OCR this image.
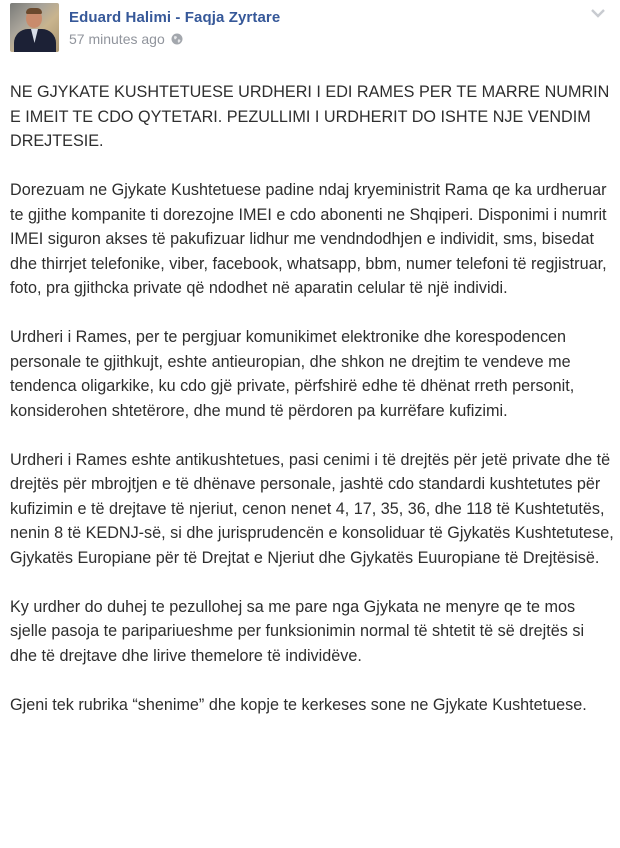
Eduard Halimi - Faqja Zyrtare
57 minutes ago

NE GJYKATE KUSHTETUESE URDHERI I EDI RAMES PER TE MARRE NUMRIN E IMEIT TE CDO QYTETARI. PEZULLIMI I URDHERIT DO ISHTE NJE VENDIM DREJTESIE.

Dorezuam ne Gjykate Kushtetuese padine ndaj kryeministrit Rama qe ka urdheruar te gjithe kompanite ti dorezojne IMEI e cdo abonenti ne Shqiperi. Disponimi i numrit IMEI siguron akses të pakufizuar lidhur me vendndodhjen e individit, sms, bisedat dhe thirrjet telefonike, viber, facebook, whatsapp, bbm, numer telefoni të regjistruar, foto, pra gjithcka private që ndodhet në aparatin celular të një individi.

Urdheri i Rames, per te pergjuar komunikimet elektronike dhe korespodencen personale te gjithkujt, eshte antieuropian, dhe shkon ne drejtim te vendeve me tendenca oligarkike, ku cdo gjë private, përfshirë edhe të dhënat rreth personit, konsiderohen shtetërore, dhe mund të përdoren pa kurrëfare kufizimi.

Urdheri i Rames eshte antikushtetues, pasi cenimi i të drejtës për jetë private dhe të drejtës për mbrojtjen e të dhënave personale, jashtë cdo standardi kushtetutes për kufizimin e të drejtave të njeriut, cenon nenet 4, 17, 35, 36, dhe 118 të Kushtetutës, nenin 8 të KEDNJ-së, si dhe jurisprudencën e konsoliduar të Gjykatës Kushtetutese, Gjykatës Europiane për të Drejtat e Njeriut dhe Gjykatës Euuropiane të Drejtësisë.

Ky urdher do duhej te pezullohej sa me pare nga Gjykata ne menyre qe te mos sjelle pasoja te paripariueshme per funksionimin normal të shtetit të së drejtës si dhe të drejtave dhe lirive themelore të individëve.

Gjeni tek rubrika “shenime” dhe kopje te kerkeses sone ne Gjykate Kushtetuese.
